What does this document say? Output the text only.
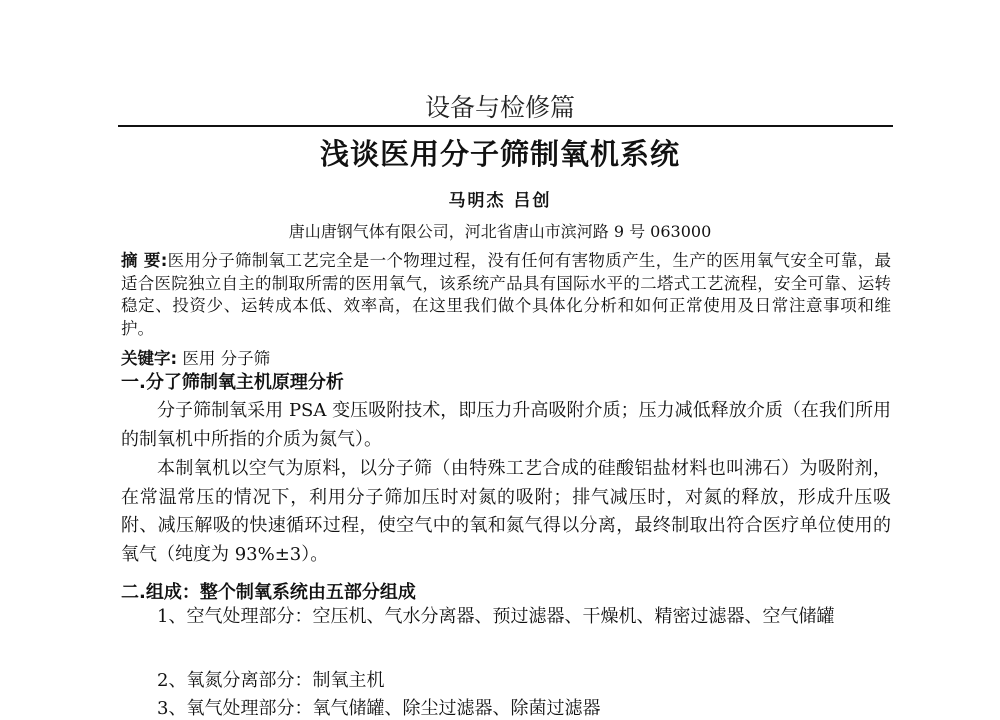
设备与检修篇
浅谈医用分子筛制氧机系统
马明杰 吕创
唐山唐钢气体有限公司，河北省唐山市滨河路 9 号 063000
摘 要:医用分子筛制氧工艺完全是一个物理过程，没有任何有害物质产生，生产的医用氧气安全可靠，最适合医院独立自主的制取所需的医用氧气，该系统产品具有国际水平的二塔式工艺流程，安全可靠、运转稳定、投资少、运转成本低、效率高，在这里我们做个具体化分析和如何正常使用及日常注意事项和维护。
关键字: 医用 分子筛
一.分了筛制氧主机原理分析
分子筛制氧采用 PSA 变压吸附技术，即压力升高吸附介质；压力减低释放介质（在我们所用的制氧机中所指的介质为氮气）。
本制氧机以空气为原料，以分子筛（由特殊工艺合成的硅酸铝盐材料也叫沸石）为吸附剂，在常温常压的情况下，利用分子筛加压时对氮的吸附；排气减压时，对氮的释放，形成升压吸附、减压解吸的快速循环过程，使空气中的氧和氮气得以分离，最终制取出符合医疗单位使用的氧气（纯度为 93%±3）。
二.组成：整个制氧系统由五部分组成
1、空气处理部分：空压机、气水分离器、预过滤器、干燥机、精密过滤器、空气储罐
2、氧氮分离部分：制氧主机
3、氧气处理部分：氧气储罐、除尘过滤器、除菌过滤器
